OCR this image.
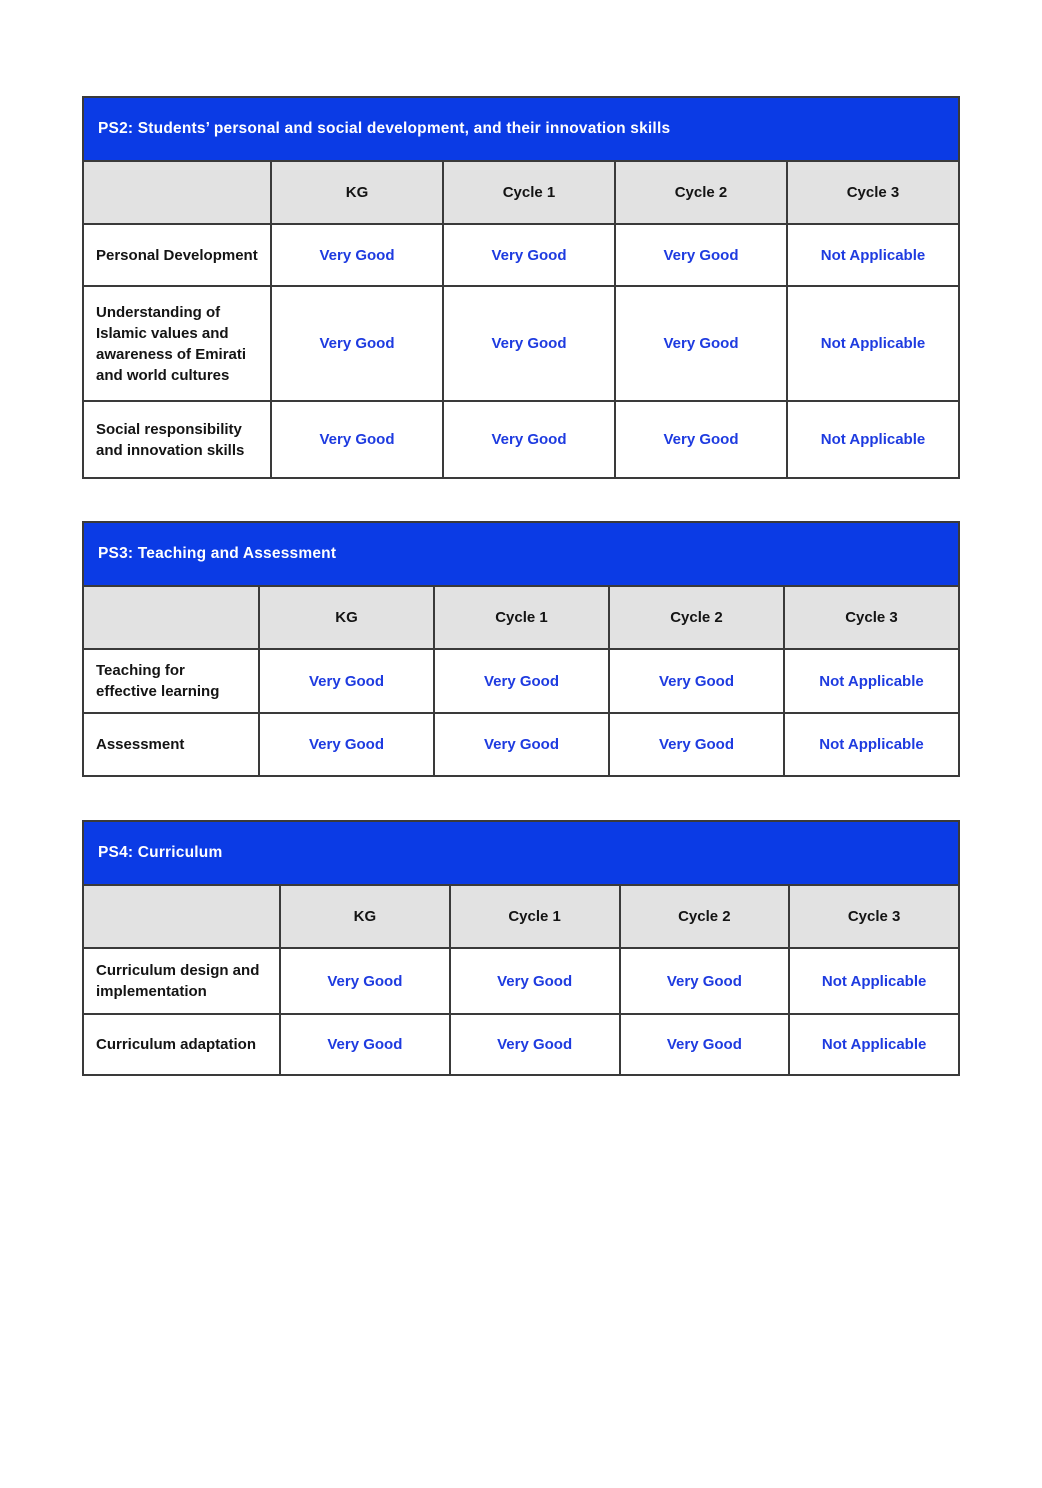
PS2: Students’ personal and social development, and their innovation skills				
	KG	Cycle 1	Cycle 2	Cycle 3
Personal Development	Very Good	Very Good	Very Good	Not Applicable
Understanding of Islamic values and awareness of Emirati and world cultures	Very Good	Very Good	Very Good	Not Applicable
Social responsibility and innovation skills	Very Good	Very Good	Very Good	Not Applicable
PS3: Teaching and Assessment				
	KG	Cycle 1	Cycle 2	Cycle 3
Teaching for effective learning	Very Good	Very Good	Very Good	Not Applicable
Assessment	Very Good	Very Good	Very Good	Not Applicable
PS4: Curriculum				
	KG	Cycle 1	Cycle 2	Cycle 3
Curriculum design and implementation	Very Good	Very Good	Very Good	Not Applicable
Curriculum adaptation	Very Good	Very Good	Very Good	Not Applicable
